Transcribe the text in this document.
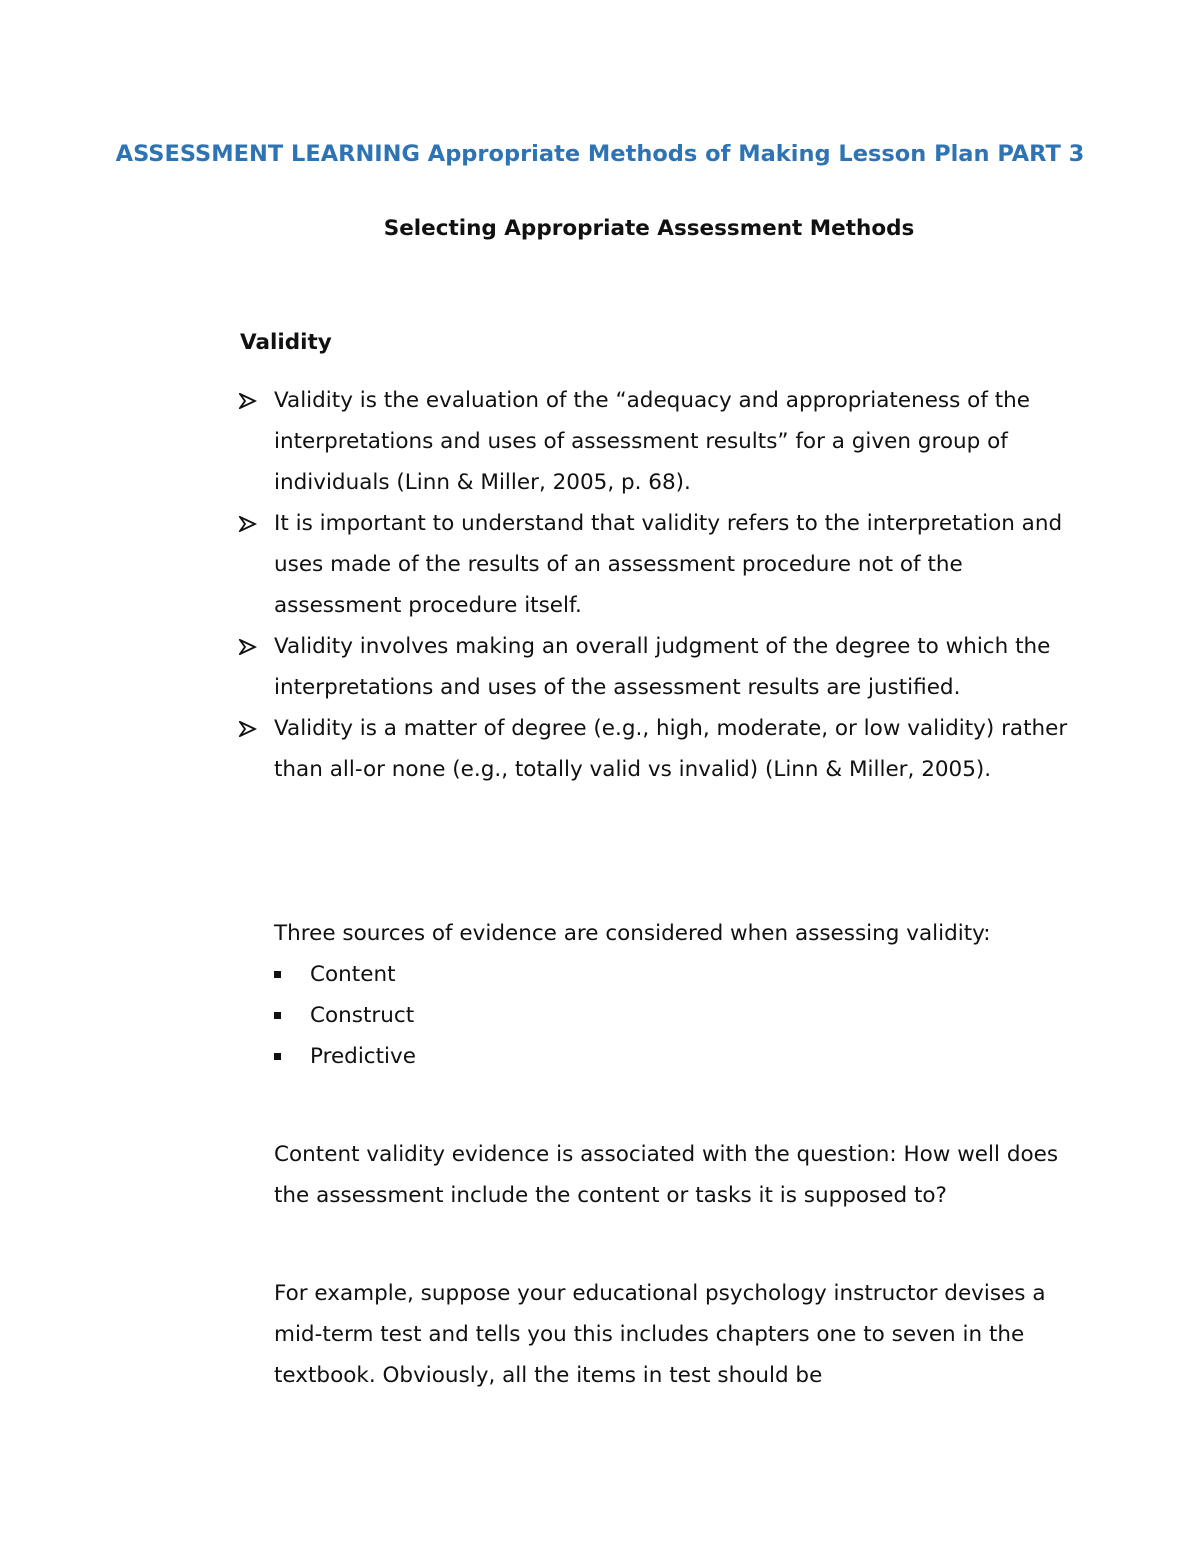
ASSESSMENT LEARNING Appropriate Methods of Making Lesson Plan PART 3
Selecting Appropriate Assessment Methods
Validity
Validity is the evaluation of the “adequacy and appropriateness of the interpretations and uses of assessment results” for a given group of individuals (Linn & Miller, 2005, p. 68).
It is important to understand that validity refers to the interpretation and uses made of the results of an assessment procedure not of the assessment procedure itself.
Validity involves making an overall judgment of the degree to which the interpretations and uses of the assessment results are justified.
Validity is a matter of degree (e.g., high, moderate, or low validity) rather than all-or none (e.g., totally valid vs invalid) (Linn & Miller, 2005).

Three sources of evidence are considered when assessing validity:

Content
Construct
Predictive

Content validity evidence is associated with the question: How well does the assessment include the content or tasks it is supposed to?

For example, suppose your educational psychology instructor devises a mid-term test and tells you this includes chapters one to seven in the textbook. Obviously, all the items in test should be
